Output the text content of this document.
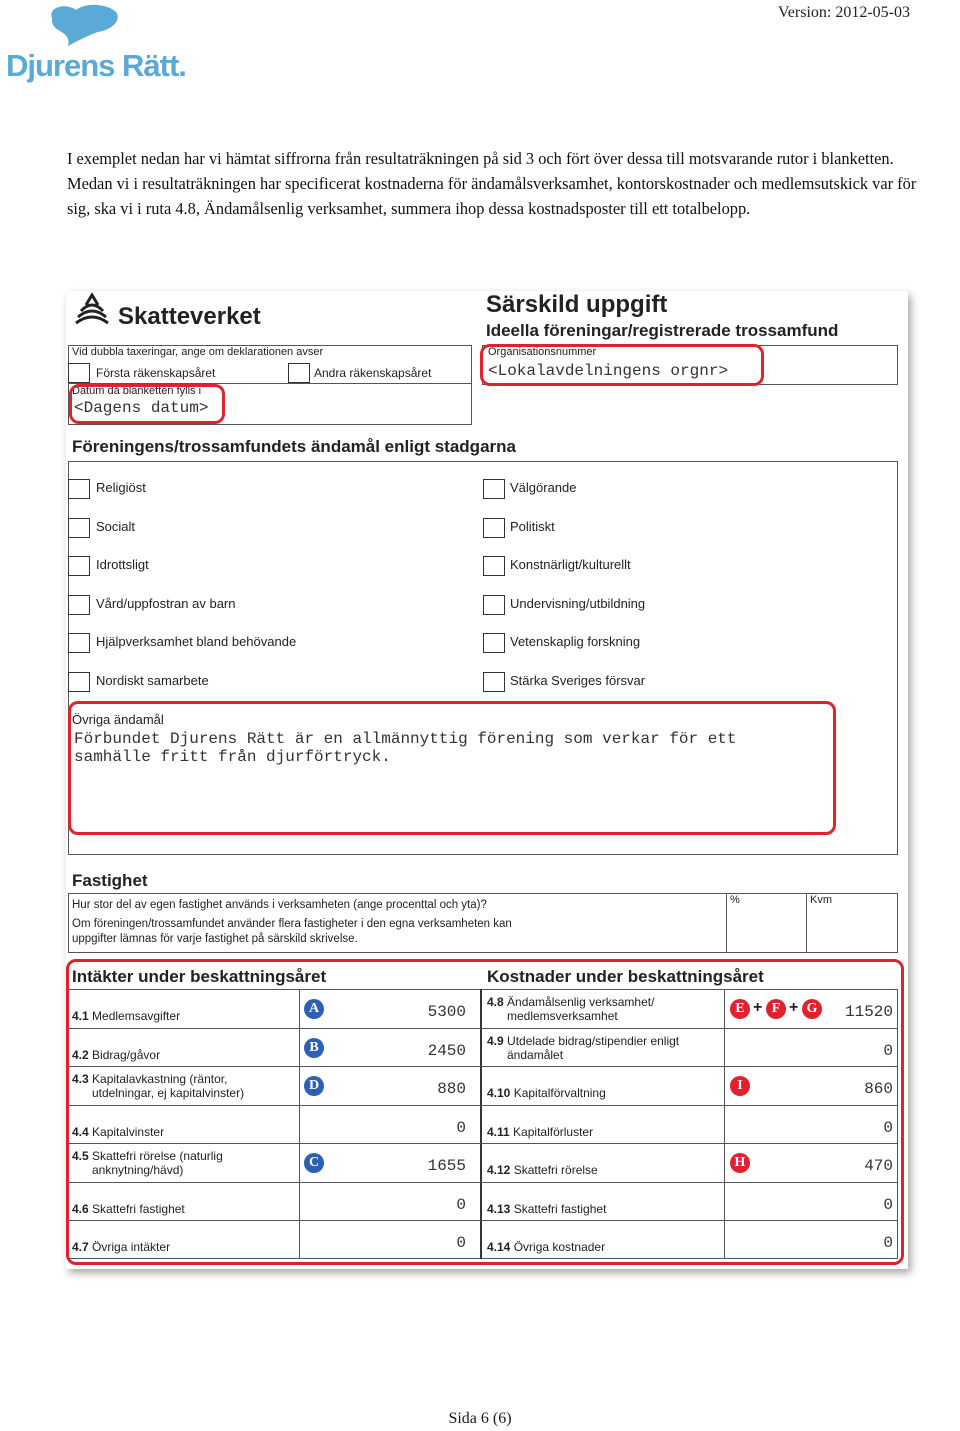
Djurens Rätt.
Version: 2012-05-03
I exemplet nedan har vi hämtat siffrorna från resultaträkningen på sid 3 och fört över dessa till motsvarande rutor i blanketten. Medan vi i resultaträkningen har specificerat kostnaderna för ändamålsverksamhet, kontorskostnader och medlemsutskick var för sig, ska vi i ruta 4.8, Ändamålsenlig verksamhet, summera ihop dessa kostnadsposter till ett totalbelopp.
Skatteverket	Särskild uppgift
Ideella föreningar/registrerade trossamfund
Vid dubbla taxeringar, ange om deklarationen avser
Första räkenskapsåret	Andra räkenskapsåret
Datum då blanketten fylls i
<Dagens datum>
Organisationsnummer
<Lokalavdelningens orgnr>
Föreningens/trossamfundets ändamål enligt stadgarna
Religiöst
Socialt
Idrottsligt
Vård/uppfostran av barn
Hjälpverksamhet bland behövande
Nordiskt samarbete
Välgörande
Politiskt
Konstnärligt/kulturellt
Undervisning/utbildning
Vetenskaplig forskning
Stärka Sveriges försvar
Övriga ändamål
Förbundet Djurens Rätt är en allmännyttig förening som verkar för ett
samhälle fritt från djurförtryck.
Fastighet
Hur stor del av egen fastighet används i verksamheten (ange procenttal och yta)?
Om föreningen/trossamfundet använder flera fastigheter i den egna verksamheten kan
uppgifter lämnas för varje fastighet på särskild skrivelse.
%	Kvm
Intäkter under beskattningsåret	Kostnader under beskattningsåret
4.1 Medlemsavgifter	A	5300
4.2 Bidrag/gåvor	B	2450
4.3 Kapitalavkastning (räntor,
utdelningar, ej kapitalvinster)	D	880
4.4 Kapitalvinster	0
4.5 Skattefri rörelse (naturlig
anknytning/hävd)	C	1655
4.6 Skattefri fastighet	0
4.7 Övriga intäkter	0
4.8 Ändamålsenlig verksamhet/
medlemsverksamhet	E + F + G 11520
4.9 Utdelade bidrag/stipendier enligt
ändamålet	0
4.10 Kapitalförvaltning	I	860
4.11 Kapitalförluster	0
4.12 Skattefri rörelse	H	470
4.13 Skattefri fastighet	0
4.14 Övriga kostnader	0
Sida 6 (6)
